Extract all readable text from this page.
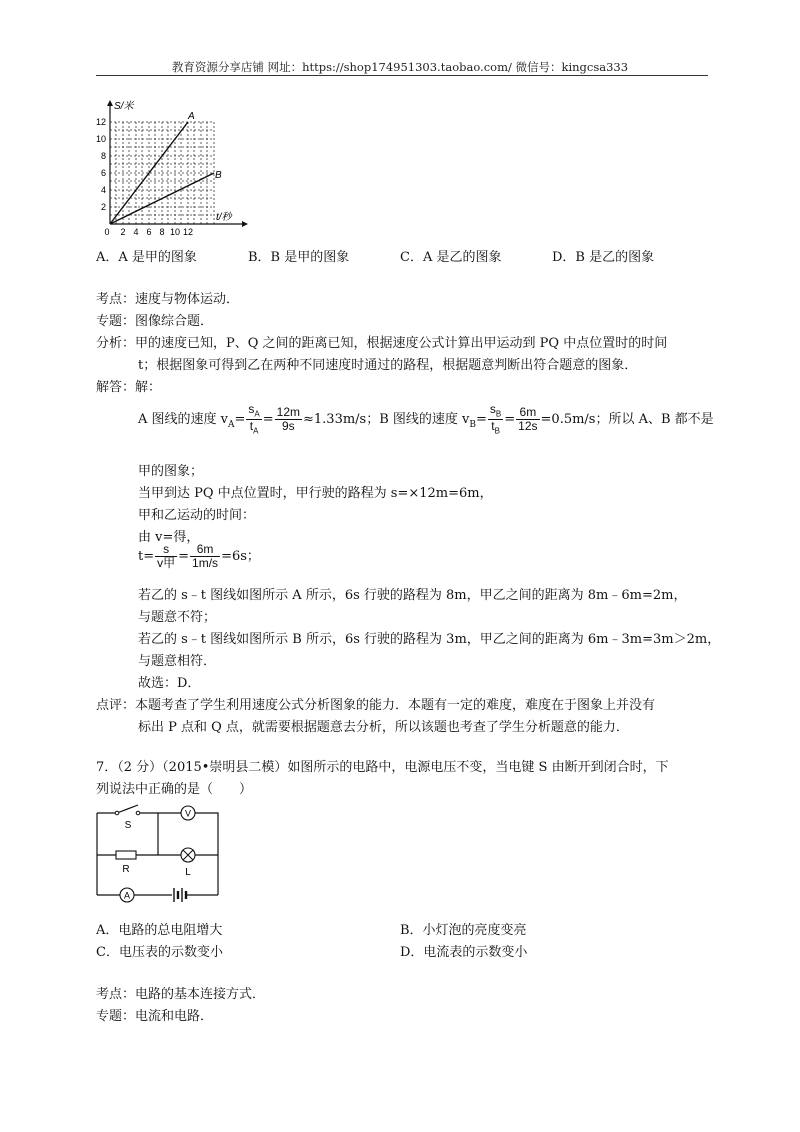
教育资源分享店铺 网址：https://shop174951303.taobao.com/ 微信号：kingcsa333
A
B
S/米
t/秒
12
10
8
6
4
2
0 2 4 6 8 10 12
A．A 是甲的图象	B．B 是甲的图象	C．A 是乙的图象	D．B 是乙的图象
考点：速度与物体运动．
专题：图像综合题．
分析：甲的速度已知，P、Q 之间的距离已知，根据速度公式计算出甲运动到 PQ 中点位置时的时间
t；根据图象可得到乙在两种不同速度时通过的路程，根据题意判断出符合题意的图象．
解答：解：
A 图线的速度 $v_A= \frac{s_A}{t_A} = \frac{12m}{9s} \approx 1.33m/s$；B 图线的速度 $v_B= \frac{s_B}{t_B} = \frac{6m}{12s} =0.5m/s$；所以 A、B 都不是
甲的图象；
当甲到达 PQ 中点位置时，甲行驶的路程为 s=×12m=6m，
甲和乙运动的时间：
由 v=得，
$t= \frac{s}{\text{v甲}} = \frac{6m}{1m/s} =6s$；
若乙的 s﹣t 图线如图所示 A 所示，6s 行驶的路程为 8m，甲乙之间的距离为 8m﹣6m=2m，
与题意不符；
若乙的 s﹣t 图线如图所示 B 所示，6s 行驶的路程为 3m，甲乙之间的距离为 6m﹣3m=3m＞2m，
与题意相符．
故选：D．
点评：本题考查了学生利用速度公式分析图象的能力．本题有一定的难度，难度在于图象上并没有
标出 P 点和 Q 点，就需要根据题意去分析，所以该题也考查了学生分析题意的能力．
7．（2 分）（2015•崇明县二模）如图所示的电路中，电源电压不变，当电键 S 由断开到闭合时，下
列说法中正确的是（　　）
V
A
S
R	L
A．电路的总电阻增大	B．小灯泡的亮度变亮
C．电压表的示数变小	D．电流表的示数变小
考点：电路的基本连接方式．
专题：电流和电路．
